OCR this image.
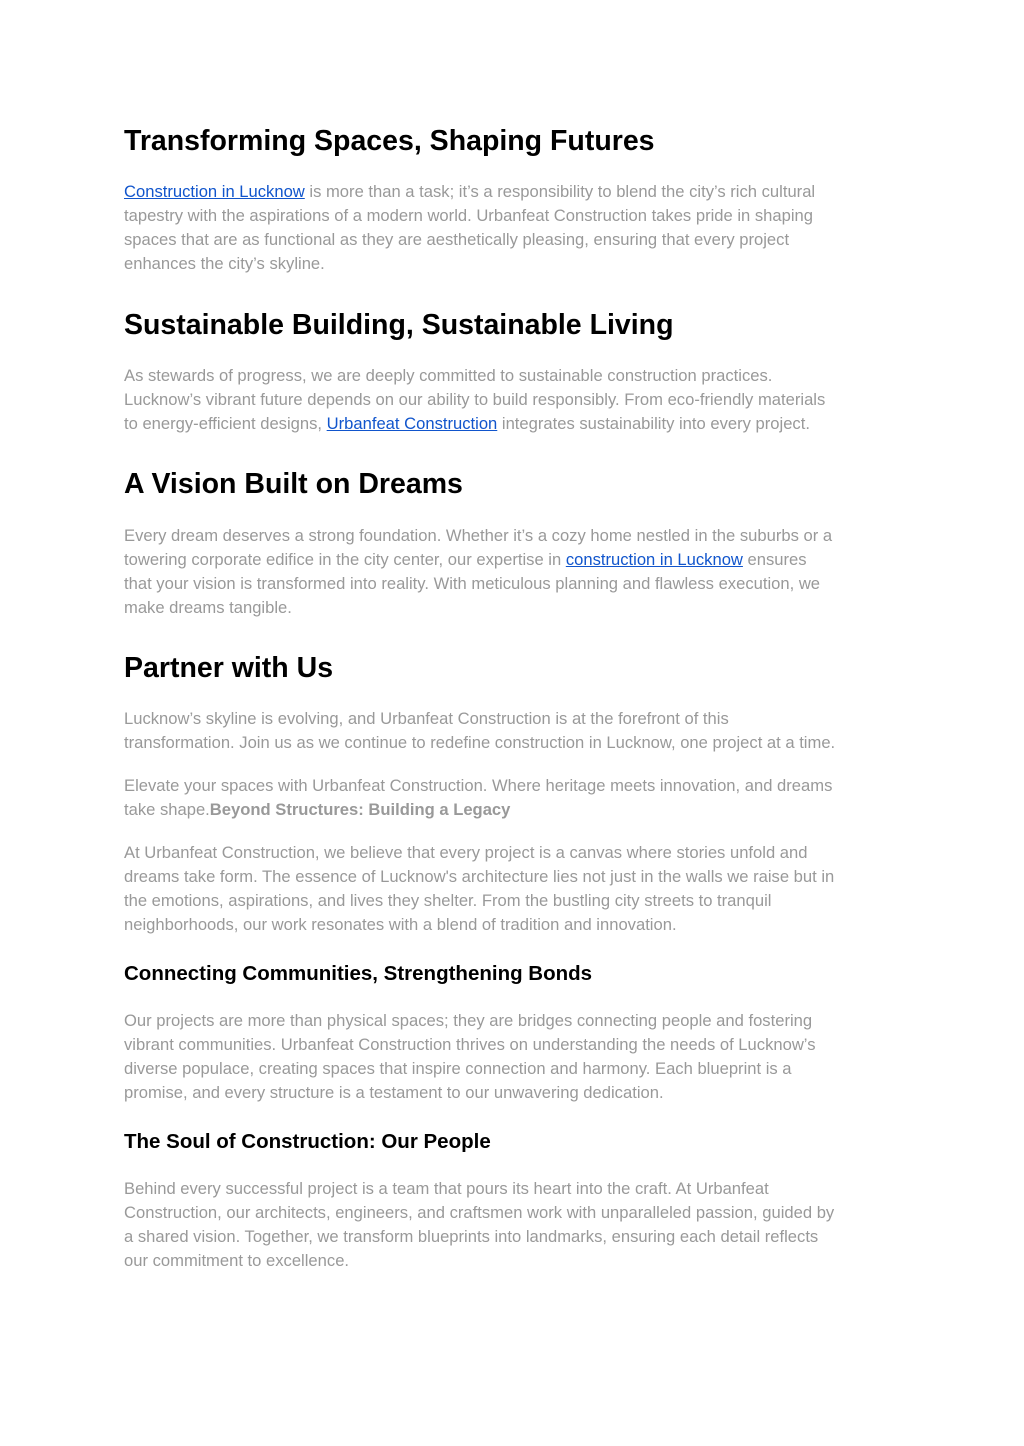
Transforming Spaces, Shaping Futures

Construction in Lucknow is more than a task; it’s a responsibility to blend the city’s rich cultural
tapestry with the aspirations of a modern world. Urbanfeat Construction takes pride in shaping
spaces that are as functional as they are aesthetically pleasing, ensuring that every project
enhances the city’s skyline.

Sustainable Building, Sustainable Living

As stewards of progress, we are deeply committed to sustainable construction practices.
Lucknow’s vibrant future depends on our ability to build responsibly. From eco-friendly materials
to energy-efficient designs, Urbanfeat Construction integrates sustainability into every project.

A Vision Built on Dreams

Every dream deserves a strong foundation. Whether it’s a cozy home nestled in the suburbs or a
towering corporate edifice in the city center, our expertise in construction in Lucknow ensures
that your vision is transformed into reality. With meticulous planning and flawless execution, we
make dreams tangible.

Partner with Us

Lucknow’s skyline is evolving, and Urbanfeat Construction is at the forefront of this
transformation. Join us as we continue to redefine construction in Lucknow, one project at a time.

Elevate your spaces with Urbanfeat Construction. Where heritage meets innovation, and dreams
take shape.Beyond Structures: Building a Legacy

At Urbanfeat Construction, we believe that every project is a canvas where stories unfold and
dreams take form. The essence of Lucknow's architecture lies not just in the walls we raise but in
the emotions, aspirations, and lives they shelter. From the bustling city streets to tranquil
neighborhoods, our work resonates with a blend of tradition and innovation.

Connecting Communities, Strengthening Bonds

Our projects are more than physical spaces; they are bridges connecting people and fostering
vibrant communities. Urbanfeat Construction thrives on understanding the needs of Lucknow’s
diverse populace, creating spaces that inspire connection and harmony. Each blueprint is a
promise, and every structure is a testament to our unwavering dedication.

The Soul of Construction: Our People

Behind every successful project is a team that pours its heart into the craft. At Urbanfeat
Construction, our architects, engineers, and craftsmen work with unparalleled passion, guided by
a shared vision. Together, we transform blueprints into landmarks, ensuring each detail reflects
our commitment to excellence.
